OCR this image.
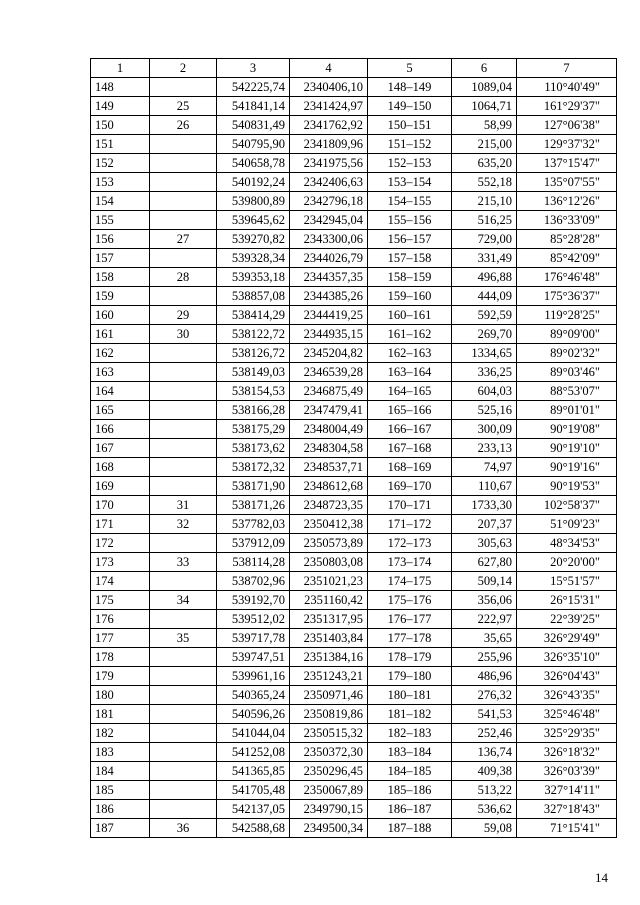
1	2	3	4	5	6	7
148		542225,74	2340406,10	148–149	1089,04	110°40'49"
149	25	541841,14	2341424,97	149–150	1064,71	161°29'37"
150	26	540831,49	2341762,92	150–151	58,99	127°06'38"
151		540795,90	2341809,96	151–152	215,00	129°37'32"
152		540658,78	2341975,56	152–153	635,20	137°15'47"
153		540192,24	2342406,63	153–154	552,18	135°07'55"
154		539800,89	2342796,18	154–155	215,10	136°12'26"
155		539645,62	2342945,04	155–156	516,25	136°33'09"
156	27	539270,82	2343300,06	156–157	729,00	85°28'28"
157		539328,34	2344026,79	157–158	331,49	85°42'09"
158	28	539353,18	2344357,35	158–159	496,88	176°46'48"
159		538857,08	2344385,26	159–160	444,09	175°36'37"
160	29	538414,29	2344419,25	160–161	592,59	119°28'25"
161	30	538122,72	2344935,15	161–162	269,70	89°09'00"
162		538126,72	2345204,82	162–163	1334,65	89°02'32"
163		538149,03	2346539,28	163–164	336,25	89°03'46"
164		538154,53	2346875,49	164–165	604,03	88°53'07"
165		538166,28	2347479,41	165–166	525,16	89°01'01"
166		538175,29	2348004,49	166–167	300,09	90°19'08"
167		538173,62	2348304,58	167–168	233,13	90°19'10"
168		538172,32	2348537,71	168–169	74,97	90°19'16"
169		538171,90	2348612,68	169–170	110,67	90°19'53"
170	31	538171,26	2348723,35	170–171	1733,30	102°58'37"
171	32	537782,03	2350412,38	171–172	207,37	51°09'23"
172		537912,09	2350573,89	172–173	305,63	48°34'53"
173	33	538114,28	2350803,08	173–174	627,80	20°20'00"
174		538702,96	2351021,23	174–175	509,14	15°51'57"
175	34	539192,70	2351160,42	175–176	356,06	26°15'31"
176		539512,02	2351317,95	176–177	222,97	22°39'25"
177	35	539717,78	2351403,84	177–178	35,65	326°29'49"
178		539747,51	2351384,16	178–179	255,96	326°35'10"
179		539961,16	2351243,21	179–180	486,96	326°04'43"
180		540365,24	2350971,46	180–181	276,32	326°43'35"
181		540596,26	2350819,86	181–182	541,53	325°46'48"
182		541044,04	2350515,32	182–183	252,46	325°29'35"
183		541252,08	2350372,30	183–184	136,74	326°18'32"
184		541365,85	2350296,45	184–185	409,38	326°03'39"
185		541705,48	2350067,89	185–186	513,22	327°14'11"
186		542137,05	2349790,15	186–187	536,62	327°18'43"
187	36	542588,68	2349500,34	187–188	59,08	71°15'41"
14
